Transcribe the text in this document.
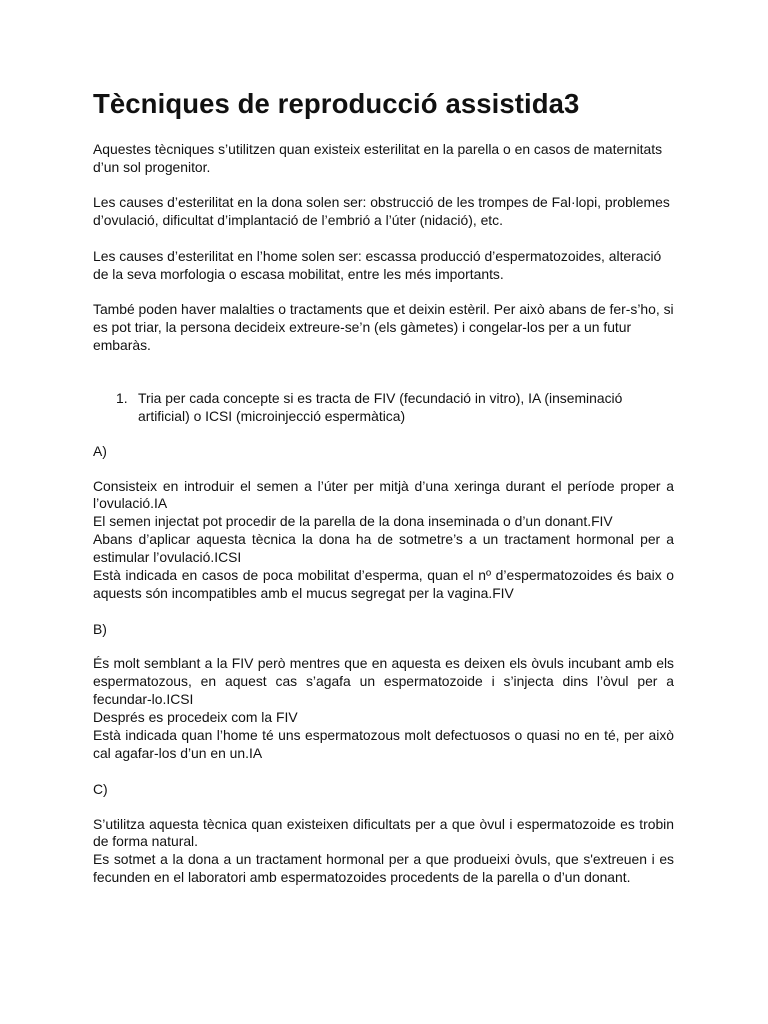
Tècniques de reproducció assistida3

Aquestes tècniques s’utilitzen quan existeix esterilitat en la parella o en casos de maternitats d’un sol progenitor.

Les causes d’esterilitat en la dona solen ser: obstrucció de les trompes de Fal·lopi, problemes d’ovulació, dificultat d’implantació de l’embrió a l’úter (nidació), etc.

Les causes d’esterilitat en l’home solen ser: escassa producció d’espermatozoides, alteració de la seva morfologia o escasa mobilitat, entre les més importants.

També poden haver malalties o tractaments que et deixin estèril. Per això abans de fer-s’ho, si es pot triar, la persona decideix extreure-se’n (els gàmetes) i congelar-los per a un futur embaràs.

1. Tria per cada concepte si es tracta de FIV (fecundació in vitro), IA (inseminació artificial) o ICSI (microinjecció espermàtica)
A)

Consisteix en introduir el semen a l’úter per mitjà d’una xeringa durant el període proper a l’ovulació.IA

El semen injectat pot procedir de la parella de la dona inseminada o d’un donant.FIV

Abans d’aplicar aquesta tècnica la dona ha de sotmetre’s a un tractament hormonal per a estimular l’ovulació.ICSI

Està indicada en casos de poca mobilitat d’esperma, quan el nº d’espermatozoides és baix o aquests són incompatibles amb el mucus segregat per la vagina.FIV

B)

És molt semblant a la FIV però mentres que en aquesta es deixen els òvuls incubant amb els espermatozous, en aquest cas s’agafa un espermatozoide i s’injecta dins l’òvul per a fecundar-lo.ICSI

Després es procedeix com la FIV

Està indicada quan l’home té uns espermatozous molt defectuosos o quasi no en té, per això cal agafar-los d’un en un.IA

C)

S’utilitza aquesta tècnica quan existeixen dificultats per a que òvul i espermatozoide es trobin de forma natural.

Es sotmet a la dona a un tractament hormonal per a que produeixi òvuls, que s'extreuen i es fecunden en el laboratori amb espermatozoides procedents de la parella o d’un donant.
